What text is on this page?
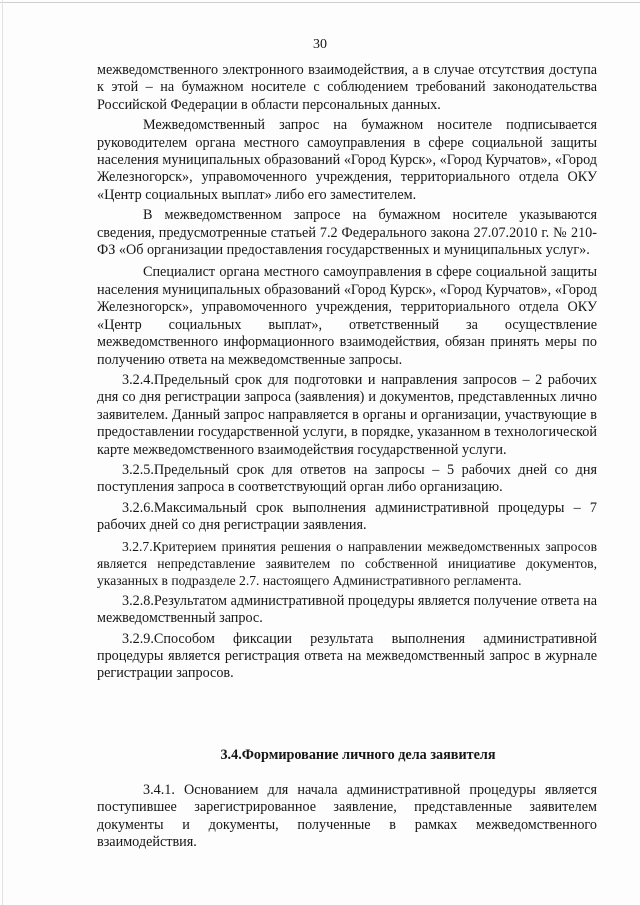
30

межведомственного электронного взаимодействия, а в случае отсутствия доступа к этой – на бумажном носителе с соблюдением требований законодательства Российской Федерации в области персональных данных.

Межведомственный запрос на бумажном носителе подписывается руководителем органа местного самоуправления в сфере социальной защиты населения муниципальных образований «Город Курск», «Город Курчатов», «Город Железногорск», управомоченного учреждения, территориального отдела ОКУ «Центр социальных выплат» либо его заместителем.

В межведомственном запросе на бумажном носителе указываются сведения, предусмотренные статьей 7.2 Федерального закона 27.07.2010 г. № 210-ФЗ «Об организации предоставления государственных и муниципальных услуг».

Специалист органа местного самоуправления в сфере социальной защиты населения муниципальных образований «Город Курск», «Город Курчатов», «Город Железногорск», управомоченного учреждения, территориального отдела ОКУ «Центр социальных выплат», ответственный за осуществление межведомственного информационного взаимодействия, обязан принять меры по получению ответа на межведомственные запросы.

3.2.4.Предельный срок для подготовки и направления запросов – 2 рабочих дня со дня регистрации запроса (заявления) и документов, представленных лично заявителем. Данный запрос направляется в органы и организации, участвующие в предоставлении государственной услуги, в порядке, указанном в технологической карте межведомственного взаимодействия государственной услуги.

3.2.5.Предельный срок для ответов на запросы – 5 рабочих дней со дня поступления запроса в соответствующий орган либо организацию.

3.2.6.Максимальный срок выполнения административной процедуры – 7 рабочих дней со дня регистрации заявления.

3.2.7.Критерием принятия решения о направлении межведомственных запросов является непредставление заявителем по собственной инициативе документов, указанных в подразделе 2.7. настоящего Административного регламента.

3.2.8.Результатом административной процедуры является получение ответа на межведомственный запрос.

3.2.9.Способом фиксации результата выполнения административной процедуры является регистрация ответа на межведомственный запрос в журнале регистрации запросов.

3.4.Формирование личного дела заявителя

3.4.1. Основанием для начала административной процедуры является поступившее зарегистрированное заявление, представленные заявителем документы и документы, полученные в рамках межведомственного взаимодействия.
